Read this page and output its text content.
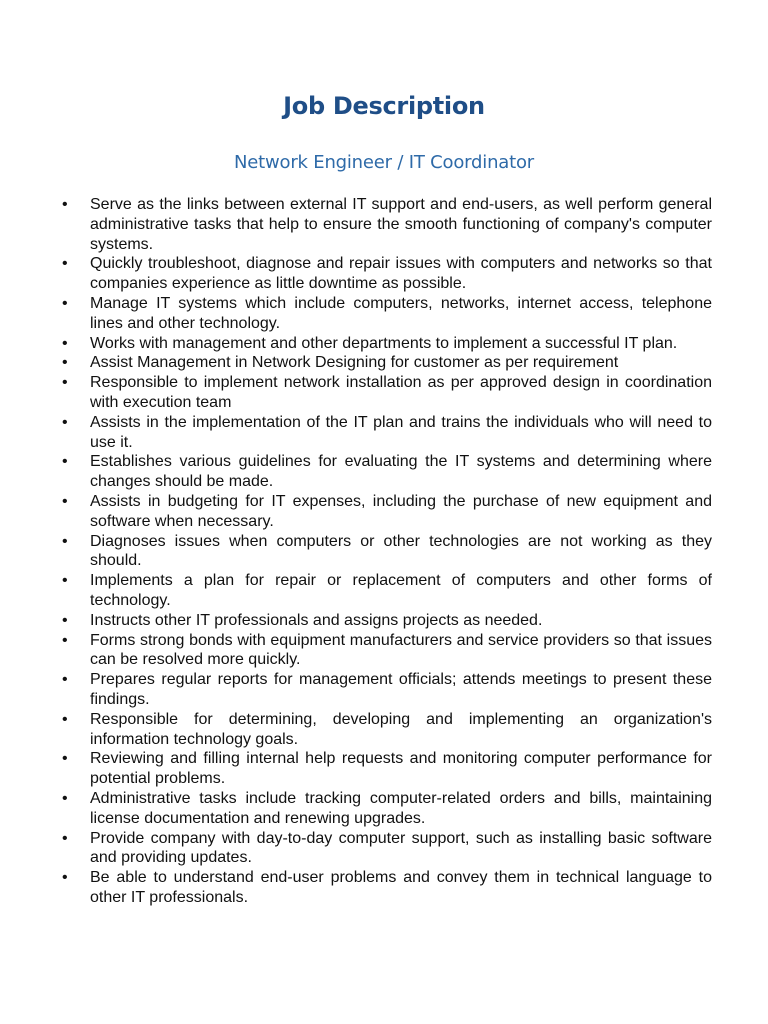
Job Description
Network Engineer / IT Coordinator
• Serve as the links between external IT support and end-users, as well perform general administrative tasks that help to ensure the smooth functioning of company's computer systems.
• Quickly troubleshoot, diagnose and repair issues with computers and networks so that companies experience as little downtime as possible.
• Manage IT systems which include computers, networks, internet access, telephone lines and other technology.
• Works with management and other departments to implement a successful IT plan.
• Assist Management in Network Designing for customer as per requirement
• Responsible to implement network installation as per approved design in coordination with execution team
• Assists in the implementation of the IT plan and trains the individuals who will need to use it.
• Establishes various guidelines for evaluating the IT systems and determining where changes should be made.
• Assists in budgeting for IT expenses, including the purchase of new equipment and software when necessary.
• Diagnoses issues when computers or other technologies are not working as they should.
• Implements a plan for repair or replacement of computers and other forms of technology.
• Instructs other IT professionals and assigns projects as needed.
• Forms strong bonds with equipment manufacturers and service providers so that issues can be resolved more quickly.
• Prepares regular reports for management officials; attends meetings to present these findings.
• Responsible for determining, developing and implementing an organization's information technology goals.
• Reviewing and filling internal help requests and monitoring computer performance for potential problems.
• Administrative tasks include tracking computer-related orders and bills, maintaining license documentation and renewing upgrades.
• Provide company with day-to-day computer support, such as installing basic software and providing updates.
• Be able to understand end-user problems and convey them in technical language to other IT professionals.
